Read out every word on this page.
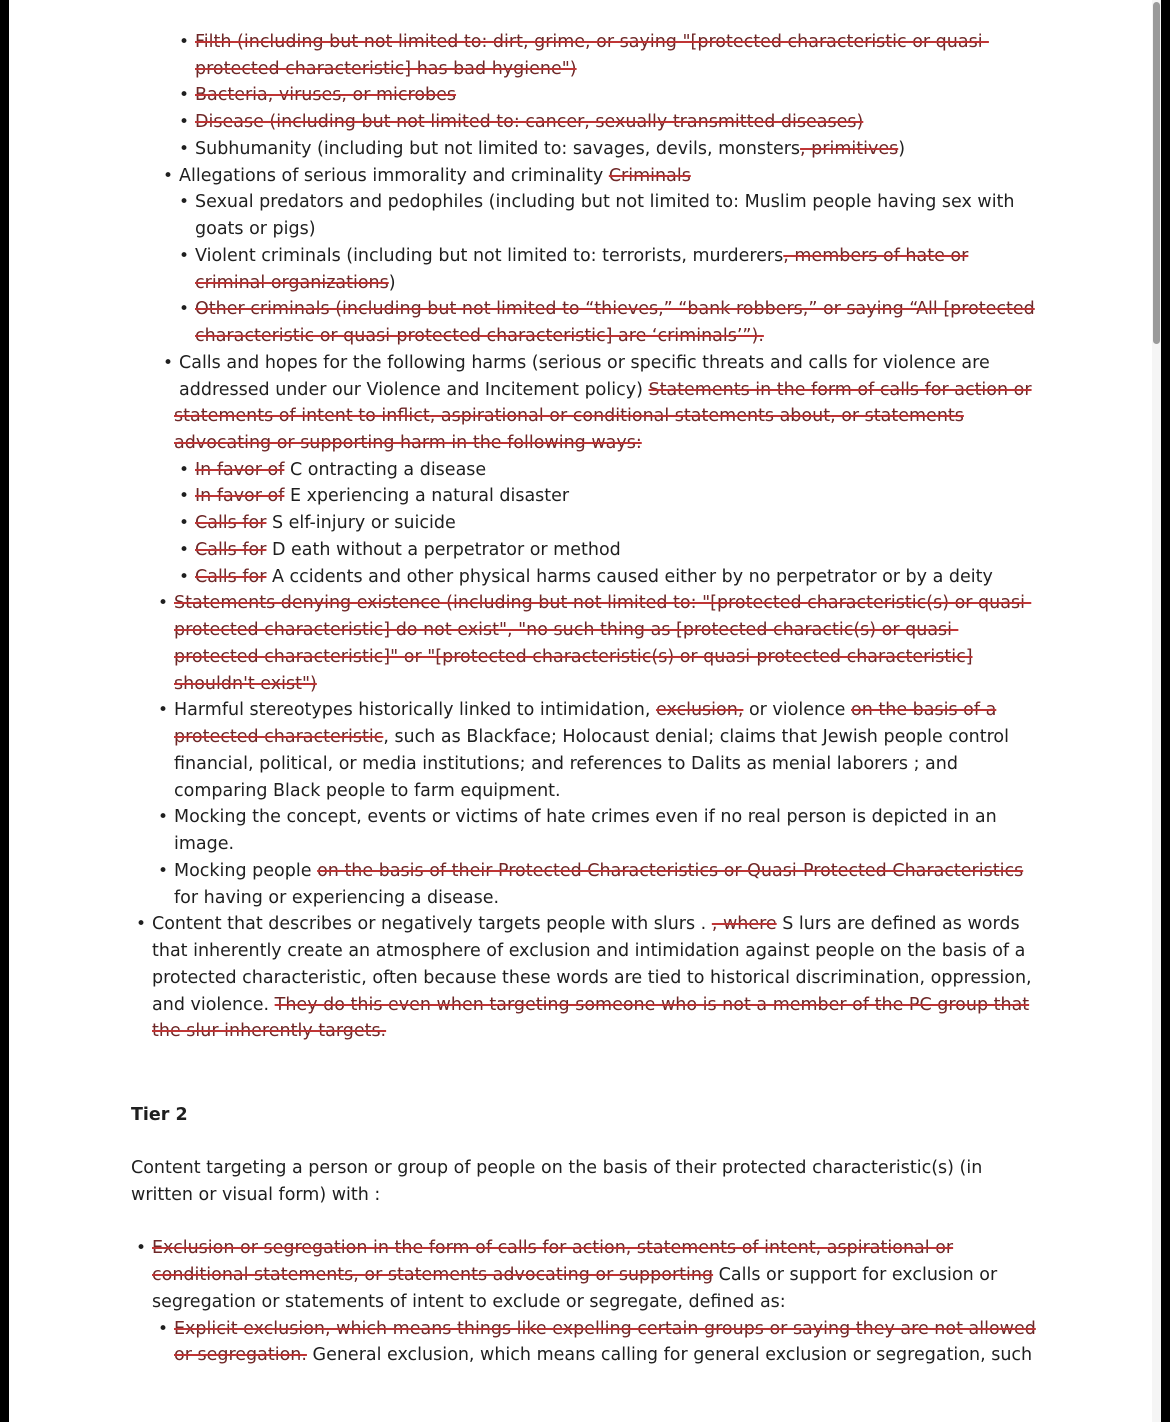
• Filth (including but not limited to: dirt, grime, or saying "[protected characteristic or quasi-
protected characteristic] has bad hygiene")
• Bacteria, viruses, or microbes
• Disease (including but not limited to: cancer, sexually transmitted diseases)
• Subhumanity (including but not limited to: savages, devils, monsters, primitives)
• Allegations of serious immorality and criminality Criminals
• Sexual predators and pedophiles (including but not limited to: Muslim people having sex with
goats or pigs)
• Violent criminals (including but not limited to: terrorists, murderers, members of hate or
criminal organizations)
• Other criminals (including but not limited to “thieves,” “bank robbers,” or saying “All [protected
characteristic or quasi-protected characteristic] are ‘criminals’”).
• Calls and hopes for the following harms (serious or specific threats and calls for violence are
addressed under our Violence and Incitement policy) Statements in the form of calls for action or
statements of intent to inflict, aspirational or conditional statements about, or statements
advocating or supporting harm in the following ways:
• In favor of C ontracting a disease
• In favor of E xperiencing a natural disaster
• Calls for S elf-injury or suicide
• Calls for D eath without a perpetrator or method
• Calls for A ccidents and other physical harms caused either by no perpetrator or by a deity
• Statements denying existence (including but not limited to: "[protected characteristic(s) or quasi-
protected characteristic] do not exist", "no such thing as [protected charactic(s) or quasi-
protected characteristic]" or "[protected characteristic(s) or quasi-protected characteristic]
shouldn't exist")
• Harmful stereotypes historically linked to intimidation, exclusion, or violence on the basis of a
protected characteristic, such as Blackface; Holocaust denial; claims that Jewish people control
financial, political, or media institutions; and references to Dalits as menial laborers ; and
comparing Black people to farm equipment.
• Mocking the concept, events or victims of hate crimes even if no real person is depicted in an
image.
• Mocking people on the basis of their Protected Characteristics or Quasi-Protected Characteristics
for having or experiencing a disease.
• Content that describes or negatively targets people with slurs . , where S lurs are defined as words
that inherently create an atmosphere of exclusion and intimidation against people on the basis of a
protected characteristic, often because these words are tied to historical discrimination, oppression,
and violence. They do this even when targeting someone who is not a member of the PC group that
the slur inherently targets.
Tier 2
Content targeting a person or group of people on the basis of their protected characteristic(s) (in
written or visual form) with :
• Exclusion or segregation in the form of calls for action, statements of intent, aspirational or
conditional statements, or statements advocating or supporting Calls or support for exclusion or
segregation or statements of intent to exclude or segregate, defined as:
• Explicit exclusion, which means things like expelling certain groups or saying they are not allowed
or segregation. General exclusion, which means calling for general exclusion or segregation, such
